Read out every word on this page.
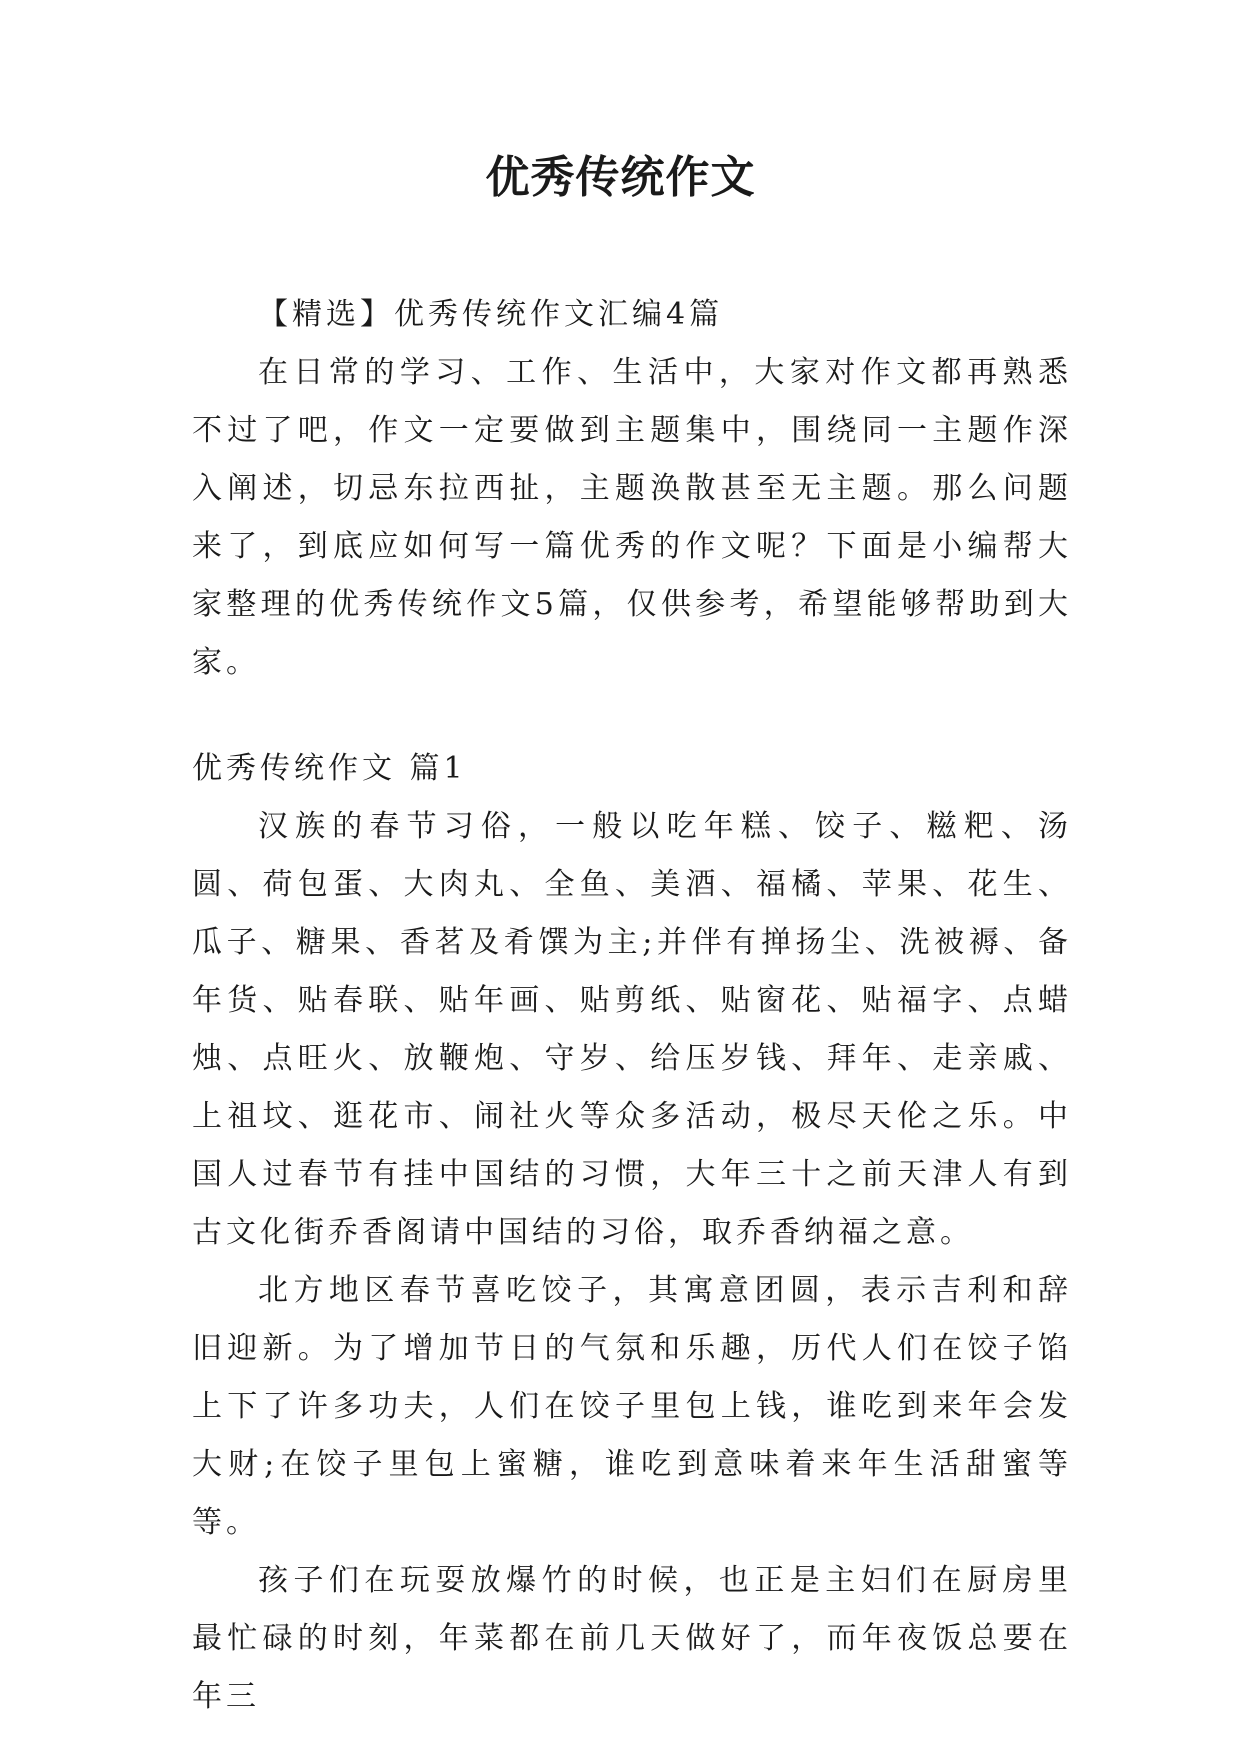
优秀传统作文

【精选】优秀传统作文汇编4篇

在日常的学习、工作、生活中，大家对作文都再熟悉不过了吧，作文一定要做到主题集中，围绕同一主题作深入阐述，切忌东拉西扯，主题涣散甚至无主题。那么问题来了，到底应如何写一篇优秀的作文呢？下面是小编帮大家整理的优秀传统作文5篇，仅供参考，希望能够帮助到大家。

优秀传统作文 篇1

汉族的春节习俗，一般以吃年糕、饺子、糍粑、汤圆、荷包蛋、大肉丸、全鱼、美酒、福橘、苹果、花生、瓜子、糖果、香茗及肴馔为主;并伴有掸扬尘、洗被褥、备年货、贴春联、贴年画、贴剪纸、贴窗花、贴福字、点蜡烛、点旺火、放鞭炮、守岁、给压岁钱、拜年、走亲戚、上祖坟、逛花市、闹社火等众多活动，极尽天伦之乐。中国人过春节有挂中国结的习惯，大年三十之前天津人有到古文化街乔香阁请中国结的习俗，取乔香纳福之意。

北方地区春节喜吃饺子，其寓意团圆，表示吉利和辞旧迎新。为了增加节日的气氛和乐趣，历代人们在饺子馅上下了许多功夫，人们在饺子里包上钱，谁吃到来年会发大财;在饺子里包上蜜糖，谁吃到意味着来年生活甜蜜等等。

孩子们在玩耍放爆竹的时候，也正是主妇们在厨房里最忙碌的时刻，年菜都在前几天做好了，而年夜饭总要在年三
